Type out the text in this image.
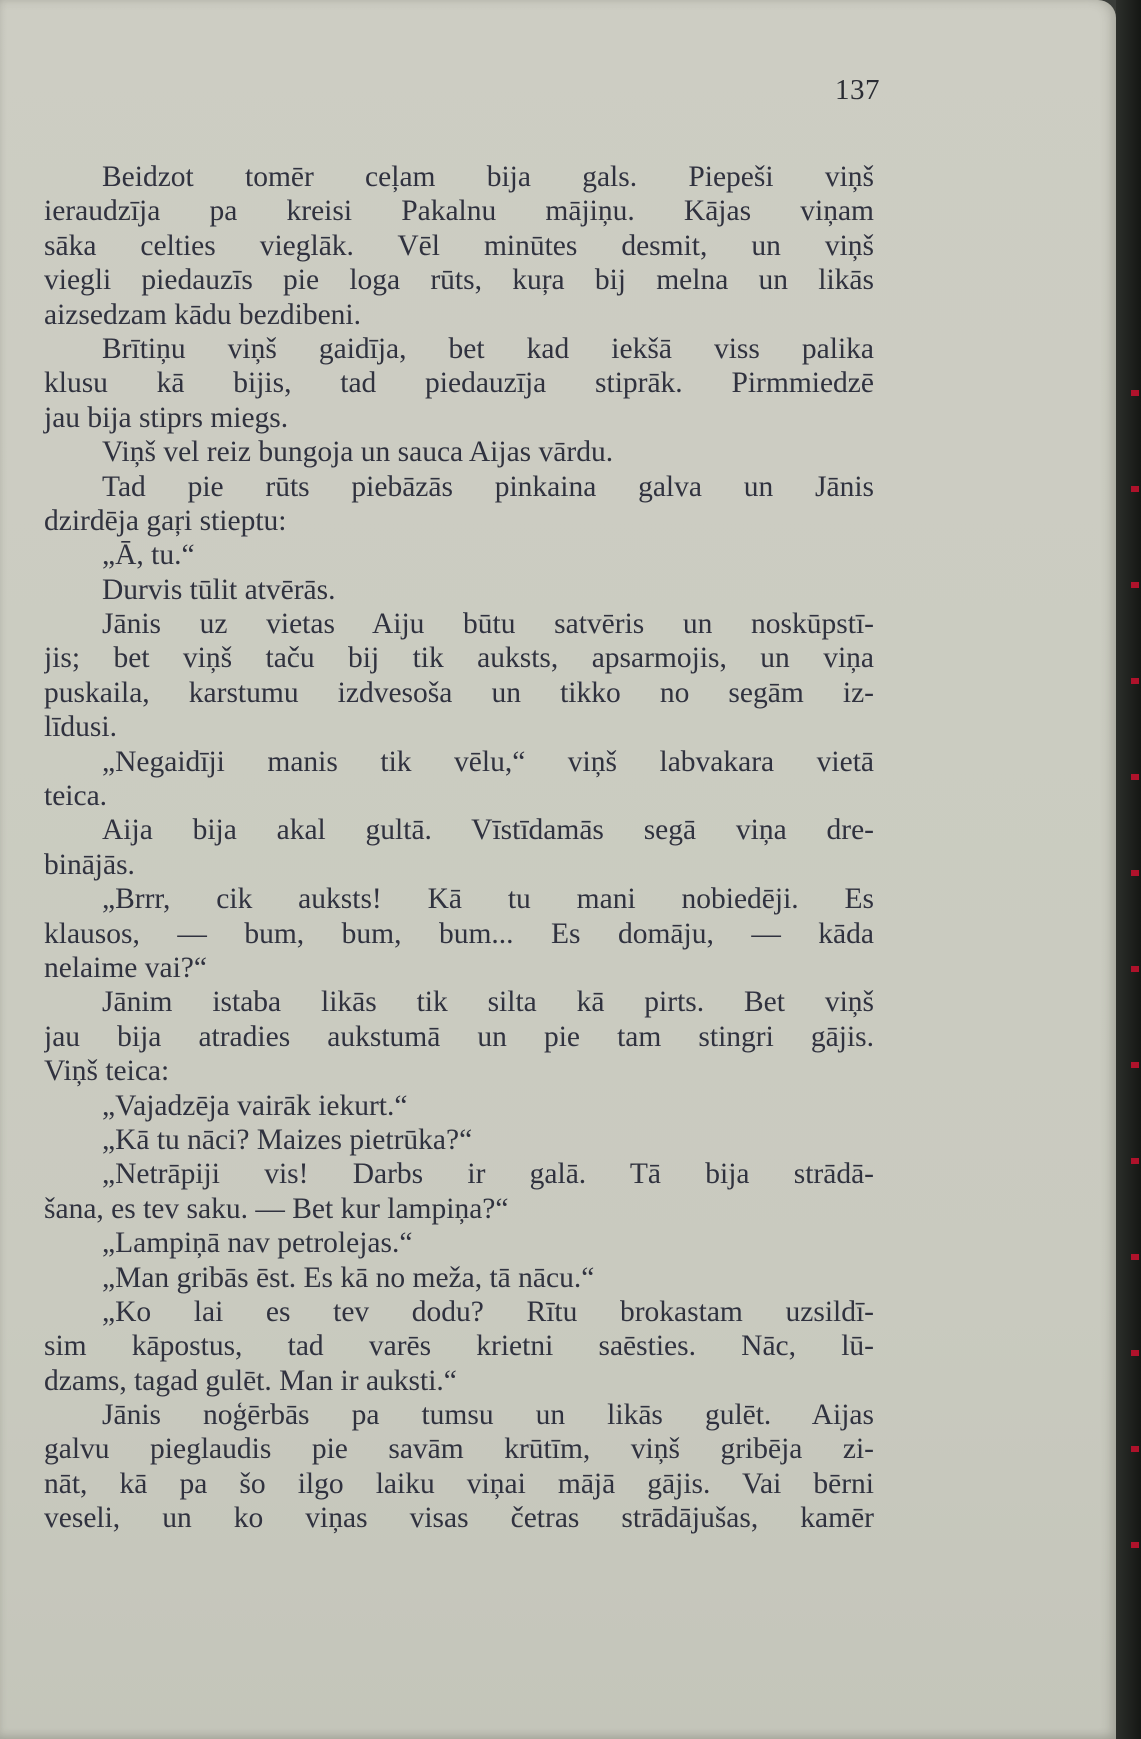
137
Beidzot tomēr ceļam bija gals. Piepeši viņš
ieraudzīja pa kreisi Pakalnu mājiņu. Kājas viņam
sāka celties vieglāk. Vēl minūtes desmit, un viņš
viegli piedauzīs pie loga rūts, kuŗa bij melna un likās
aizsedzam kādu bezdibeni.
Brītiņu viņš gaidīja, bet kad iekšā viss palika
klusu kā bijis, tad piedauzīja stiprāk. Pirmmiedzē
jau bija stiprs miegs.
Viņš vel reiz bungoja un sauca Aijas vārdu.
Tad pie rūts piebāzās pinkaina galva un Jānis
dzirdēja gaŗi stieptu:
„Ā, tu.“
Durvis tūlit atvērās.
Jānis uz vietas Aiju būtu satvēris un noskūpstī-
jis; bet viņš taču bij tik auksts, apsarmojis, un viņa
puskaila, karstumu izdvesoša un tikko no segām iz-
līdusi.
„Negaidīji manis tik vēlu,“ viņš labvakara vietā
teica.
Aija bija akal gultā. Vīstīdamās segā viņa dre-
binājās.
„Brrr, cik auksts! Kā tu mani nobiedēji. Es
klausos, — bum, bum, bum... Es domāju, — kāda
nelaime vai?“
Jānim istaba likās tik silta kā pirts. Bet viņš
jau bija atradies aukstumā un pie tam stingri gājis.
Viņš teica:
„Vajadzēja vairāk iekurt.“
„Kā tu nāci? Maizes pietrūka?“
„Netrāpiji vis! Darbs ir galā. Tā bija strādā-
šana, es tev saku. — Bet kur lampiņa?“
„Lampiņā nav petrolejas.“
„Man gribās ēst. Es kā no meža, tā nācu.“
„Ko lai es tev dodu? Rītu brokastam uzsildī-
sim kāpostus, tad varēs krietni saēsties. Nāc, lū-
dzams, tagad gulēt. Man ir auksti.“
Jānis noģērbās pa tumsu un likās gulēt. Aijas
galvu pieglaudis pie savām krūtīm, viņš gribēja zi-
nāt, kā pa šo ilgo laiku viņai mājā gājis. Vai bērni
veseli, un ko viņas visas četras strādājušas, kamēr
